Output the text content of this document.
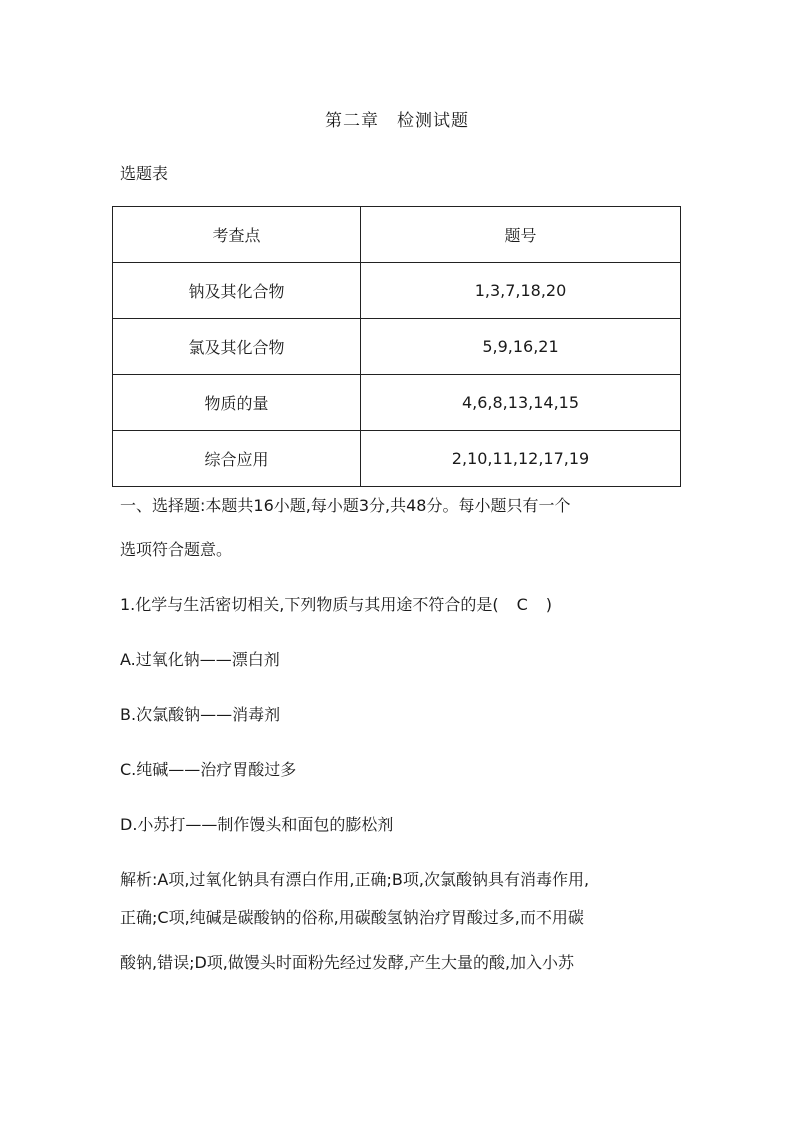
第二章　检测试题
选题表
考查点	题号
钠及其化合物	1,3,7,18,20
氯及其化合物	5,9,16,21
物质的量	4,6,8,13,14,15
综合应用	2,10,11,12,17,19
一、选择题:本题共16小题,每小题3分,共48分。每小题只有一个
选项符合题意。
1.化学与生活密切相关,下列物质与其用途不符合的是( C )
A.过氧化钠——漂白剂
B.次氯酸钠——消毒剂
C.纯碱——治疗胃酸过多
D.小苏打——制作馒头和面包的膨松剂
解析:A项,过氧化钠具有漂白作用,正确;B项,次氯酸钠具有消毒作用,
正确;C项,纯碱是碳酸钠的俗称,用碳酸氢钠治疗胃酸过多,而不用碳
酸钠,错误;D项,做馒头时面粉先经过发酵,产生大量的酸,加入小苏
